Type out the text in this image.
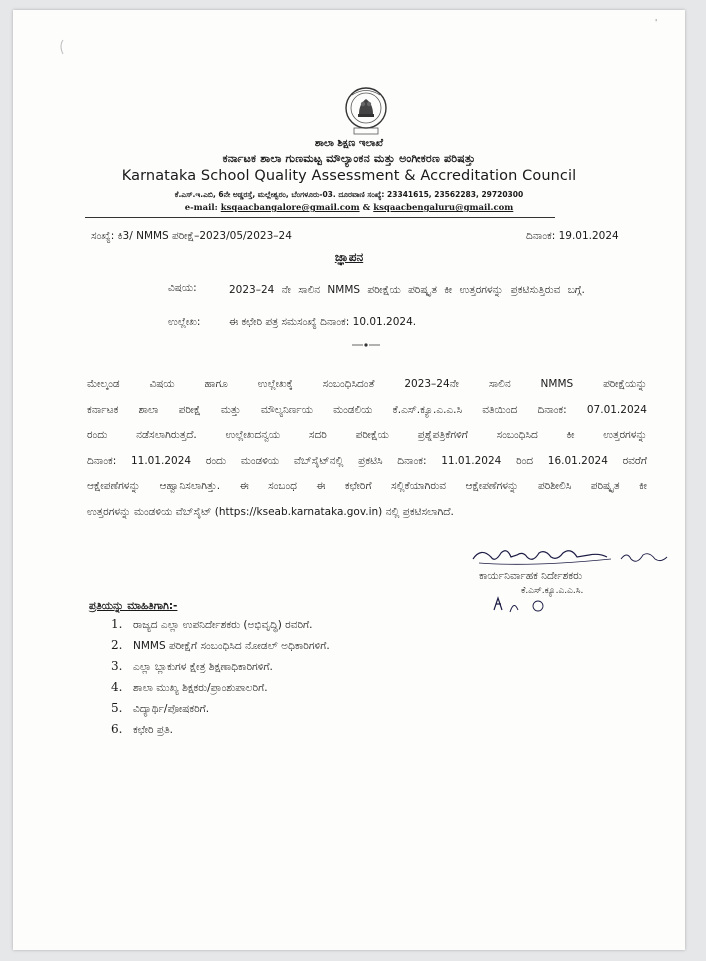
'
ಶಾಲಾ ಶಿಕ್ಷಣ ಇಲಾಖೆ
ಕರ್ನಾಟಕ ಶಾಲಾ ಗುಣಮಟ್ಟ ಮೌಲ್ಯಾಂಕನ ಮತ್ತು ಅಂಗೀಕರಣ ಪರಿಷತ್ತು
Karnataka School Quality Assessment & Accreditation Council
ಕೆ.ಎಸ್.ಇ.ಎಬಿ, 6ನೇ ಅಡ್ಡರಸ್ತೆ, ಮಲ್ಲೇಶ್ವರಂ, ಬೆಂಗಳೂರು-03. ದೂರವಾಣಿ ಸಂಖ್ಯೆ: 23341615, 23562283, 29720300
e-mail: ksqaacbangalore@gmail.com & ksqaacbengaluru@gmail.com
ಸಂಖ್ಯೆ: ಕಿ3/ NMMS ಪರೀಕ್ಷೆ–2023/05/2023–24	ದಿನಾಂಕ: 19.01.2024
ಜ್ಞಾಪನ
ವಿಷಯ:	2023–24 ನೇ ಸಾಲಿನ NMMS ಪರೀಕ್ಷೆಯ ಪರಿಷ್ಕೃತ ಕೀ ಉತ್ತರಗಳನ್ನು ಪ್ರಕಟಿಸುತ್ತಿರುವ ಬಗ್ಗೆ.
ಉಲ್ಲೇಖ:	ಈ ಕಛೇರಿ ಪತ್ರ ಸಮಸಂಖ್ಯೆ ದಿನಾಂಕ: 10.01.2024.
ಮೇಲ್ಕಂಡ ವಿಷಯ ಹಾಗೂ ಉಲ್ಲೇಖಕ್ಕೆ ಸಂಬಂಧಿಸಿದಂತೆ 2023–24ನೇ ಸಾಲಿನ NMMS ಪರೀಕ್ಷೆಯನ್ನು
ಕರ್ನಾಟಕ ಶಾಲಾ ಪರೀಕ್ಷೆ ಮತ್ತು ಮೌಲ್ಯನಿರ್ಣಯ ಮಂಡಲಿಯ ಕೆ.ಎಸ್.ಕ್ಯೂ.ಎ.ಎ.ಸಿ ವತಿಯಿಂದ ದಿನಾಂಕ: 07.01.2024
ರಂದು ನಡೆಸಲಾಗಿರುತ್ತದೆ. ಉಲ್ಲೇಖದನ್ವಯ ಸದರಿ ಪರೀಕ್ಷೆಯ ಪ್ರಶ್ನೆಪತ್ರಿಕೆಗಳಿಗೆ ಸಂಬಂಧಿಸಿದ ಕೀ ಉತ್ತರಗಳನ್ನು
ದಿನಾಂಕ: 11.01.2024 ರಂದು ಮಂಡಳಿಯ ವೆಬ್‌ಸೈಟ್‌ನಲ್ಲಿ ಪ್ರಕಟಿಸಿ ದಿನಾಂಕ: 11.01.2024 ರಿಂದ 16.01.2024 ರವರೆಗೆ
ಆಕ್ಷೇಪಣೆಗಳನ್ನು ಆಹ್ವಾನಿಸಲಾಗಿತ್ತು. ಈ ಸಂಬಂಧ ಈ ಕಛೇರಿಗೆ ಸಲ್ಲಿಕೆಯಾಗಿರುವ ಆಕ್ಷೇಪಣೆಗಳನ್ನು ಪರಿಶೀಲಿಸಿ ಪರಿಷ್ಕೃತ ಕೀ
ಉತ್ತರಗಳನ್ನು ಮಂಡಳಿಯ ವೆಬ್‌ಸೈಟ್ (https://kseab.karnataka.gov.in) ನಲ್ಲಿ ಪ್ರಕಟಿಸಲಾಗಿದೆ.
ಕಾರ್ಯನಿರ್ವಾಹಕ ನಿರ್ದೇಶಕರು
ಕೆ.ಎಸ್.ಕ್ಯೂ.ಎ.ಎ.ಸಿ.
ಪ್ರತಿಯನ್ನು ಮಾಹಿತಿಗಾಗಿ:-
1. ರಾಜ್ಯದ ಎಲ್ಲಾ ಉಪನಿರ್ದೇಶಕರು (ಅಭಿವೃದ್ಧಿ) ರವರಿಗೆ.
2. NMMS ಪರೀಕ್ಷೆಗೆ ಸಂಬಂಧಿಸಿದ ನೋಡಲ್ ಅಧಿಕಾರಿಗಳಿಗೆ.
3. ಎಲ್ಲಾ ಬ್ಲಾಕುಗಳ ಕ್ಷೇತ್ರ ಶಿಕ್ಷಣಾಧಿಕಾರಿಗಳಿಗೆ.
4. ಶಾಲಾ ಮುಖ್ಯ ಶಿಕ್ಷಕರು/ಪ್ರಾಂಶುಪಾಲರಿಗೆ.
5. ವಿದ್ಯಾರ್ಥಿ/ಪೋಷಕರಿಗೆ.
6. ಕಛೇರಿ ಪ್ರತಿ.
